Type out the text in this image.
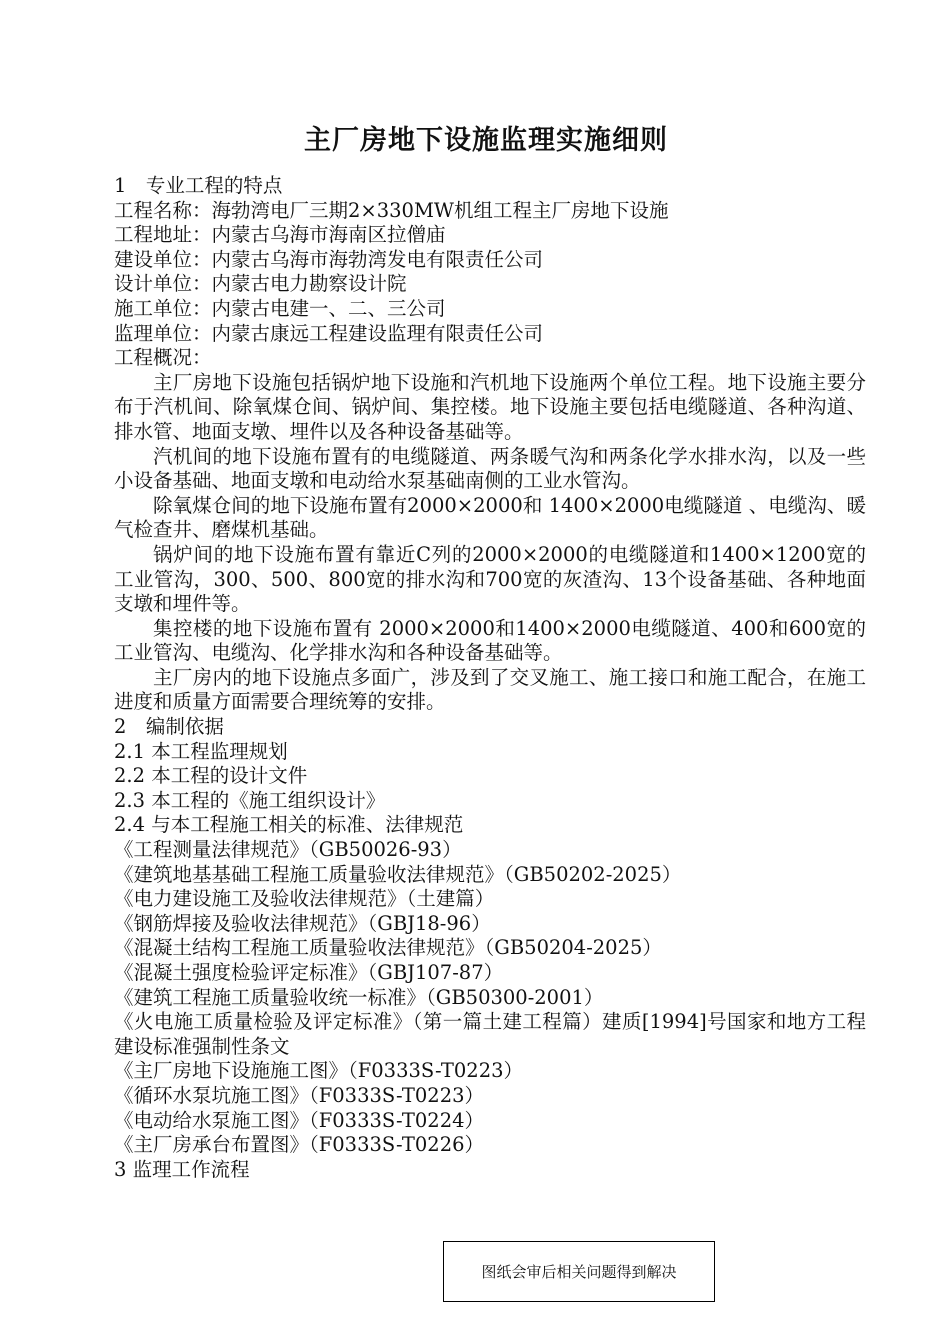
主厂房地下设施监理实施细则

1　专业工程的特点

工程名称：海勃湾电厂三期2×330MW机组工程主厂房地下设施

工程地址：内蒙古乌海市海南区拉僧庙

建设单位：内蒙古乌海市海勃湾发电有限责任公司

设计单位：内蒙古电力勘察设计院

施工单位：内蒙古电建一、二、三公司

监理单位：内蒙古康远工程建设监理有限责任公司

工程概况：

主厂房地下设施包括锅炉地下设施和汽机地下设施两个单位工程。地下设施主要分布于汽机间、除氧煤仓间、锅炉间、集控楼。地下设施主要包括电缆隧道、各种沟道、排水管、地面支墩、埋件以及各种设备基础等。

汽机间的地下设施布置有的电缆隧道、两条暖气沟和两条化学水排水沟，以及一些小设备基础、地面支墩和电动给水泵基础南侧的工业水管沟。

除氧煤仓间的地下设施布置有2000×2000和 1400×2000电缆隧道 、电缆沟、暖气检查井、磨煤机基础。

锅炉间的地下设施布置有靠近C列的2000×2000的电缆隧道和1400×1200宽的工业管沟，300、500、800宽的排水沟和700宽的灰渣沟、13个设备基础、各种地面支墩和埋件等。

集控楼的地下设施布置有 2000×2000和1400×2000电缆隧道、400和600宽的工业管沟、电缆沟、化学排水沟和各种设备基础等。

主厂房内的地下设施点多面广，涉及到了交叉施工、施工接口和施工配合，在施工进度和质量方面需要合理统筹的安排。

2　编制依据

2.1 本工程监理规划

2.2 本工程的设计文件

2.3 本工程的《施工组织设计》

2.4 与本工程施工相关的标准、法律规范

《工程测量法律规范》（GB50026-93）

《建筑地基基础工程施工质量验收法律规范》（GB50202-2025）

《电力建设施工及验收法律规范》（土建篇）

《钢筋焊接及验收法律规范》（GBJ18-96）

《混凝土结构工程施工质量验收法律规范》（GB50204-2025）

《混凝土强度检验评定标准》（GBJ107-87）

《建筑工程施工质量验收统一标准》（GB50300-2001）

《火电施工质量检验及评定标准》（第一篇土建工程篇）建质[1994]号国家和地方工程建设标准强制性条文

《主厂房地下设施施工图》（F0333S-T0223）

《循环水泵坑施工图》（F0333S-T0223）

《电动给水泵施工图》（F0333S-T0224）

《主厂房承台布置图》（F0333S-T0226）

3 监理工作流程

图纸会审后相关问题得到解决
